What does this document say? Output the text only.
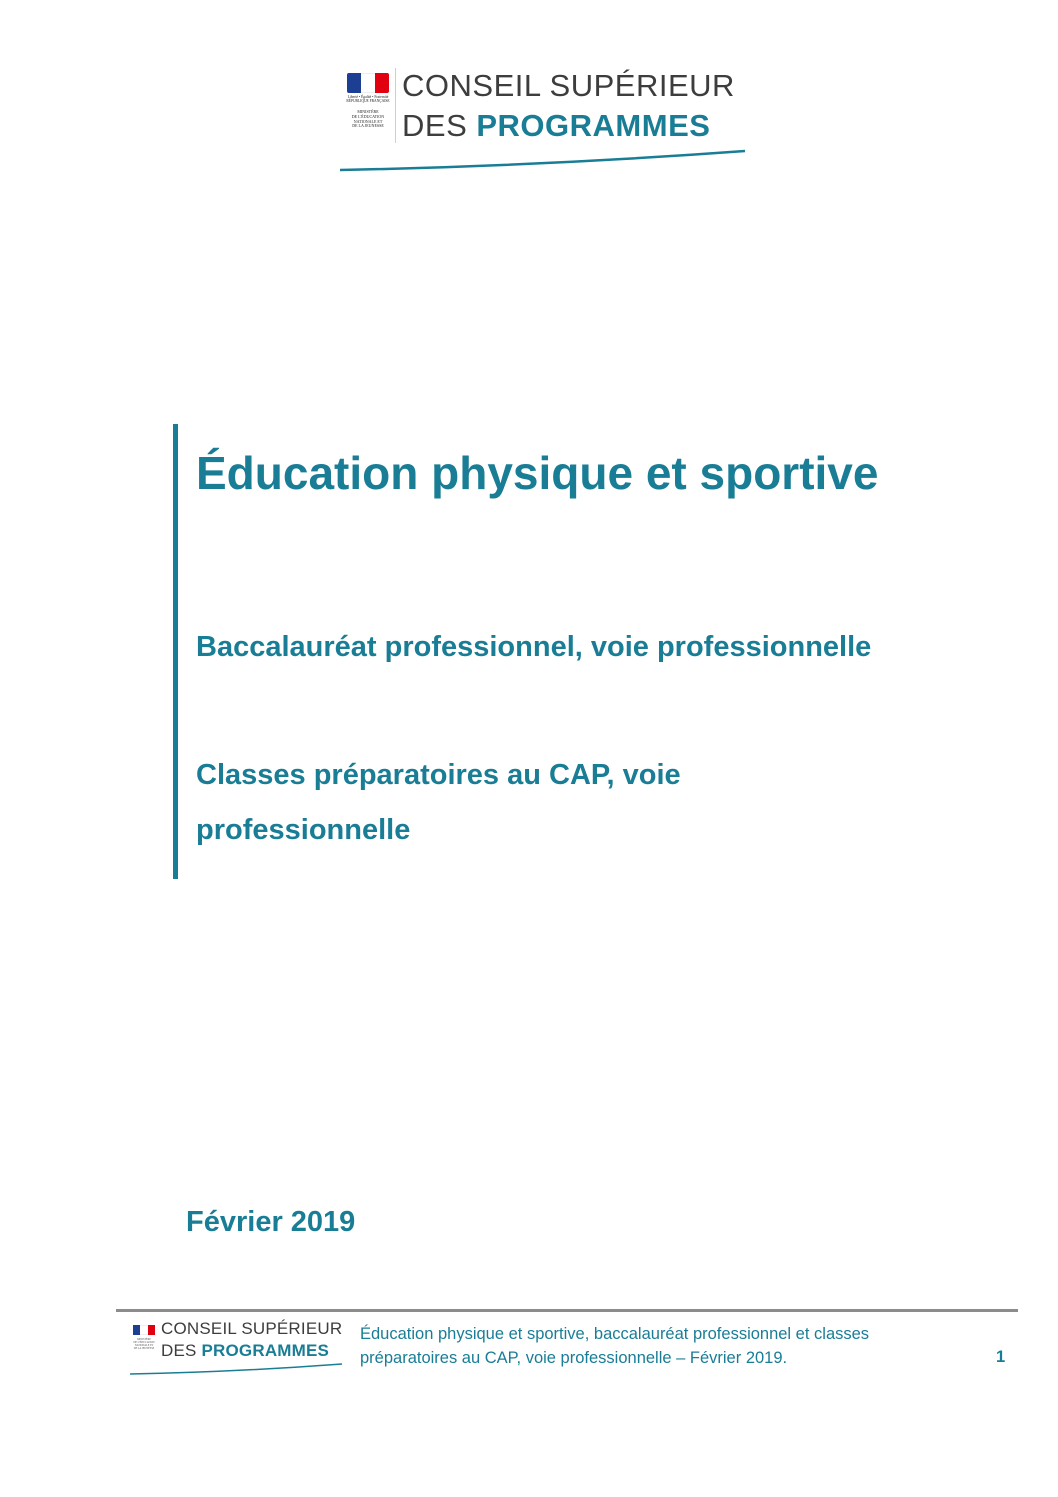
Liberté • Égalité • Fraternité
RÉPUBLIQUE FRANÇAISE
MINISTÈRE
DE L'ÉDUCATION
NATIONALE ET
DE LA JEUNESSE
CONSEIL SUPÉRIEUR
DES PROGRAMMES
Éducation physique et sportive

Baccalauréat professionnel, voie professionnelle

Classes préparatoires au CAP, voie professionnelle

Février 2019
MINISTÈRE
DE L'ÉDUCATION
NATIONALE ET
DE LA JEUNESSE
CONSEIL SUPÉRIEUR
DES PROGRAMMES

Éducation physique et sportive, baccalauréat professionnel et classes préparatoires au CAP, voie professionnelle – Février 2019.	1
